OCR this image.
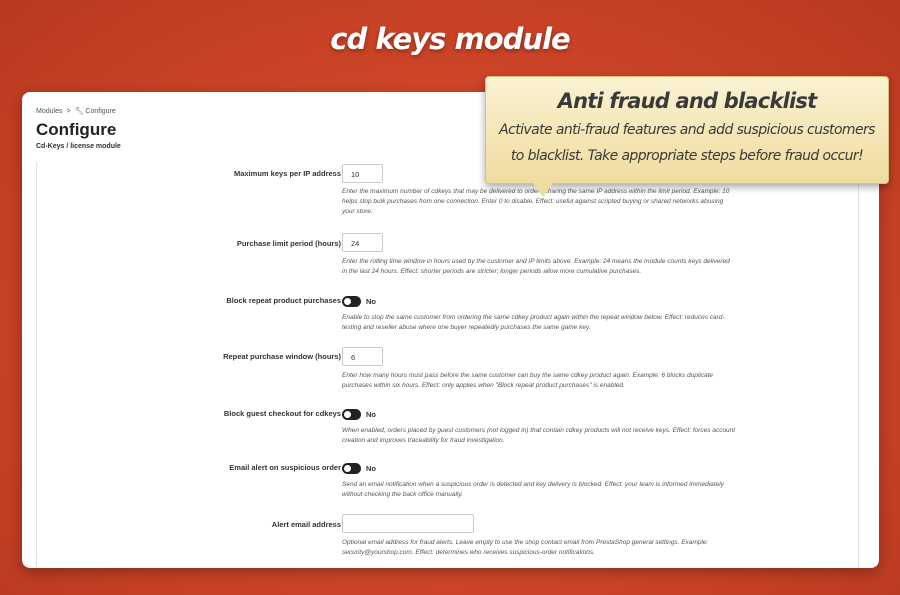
cd keys module
Modules > 🔧︎ Configure
Configure
Cd-Keys / license module
Maximum keys per IP address	10
Enter the maximum number of cdkeys that may be delivered to orders sharing the same IP address within the limit period. Example: 10
helps stop bulk purchases from one connection. Enter 0 to disable. Effect: useful against scripted buying or shared networks abusing
your store.
Purchase limit period (hours)	24
Enter the rolling time window in hours used by the customer and IP limits above. Example: 24 means the module counts keys delivered
in the last 24 hours. Effect: shorter periods are stricter; longer periods allow more cumulative purchases.
Block repeat product purchases	No
Enable to stop the same customer from ordering the same cdkey product again within the repeat window below. Effect: reduces card-
testing and reseller abuse where one buyer repeatedly purchases the same game key.
Repeat purchase window (hours)	6
Enter how many hours must pass before the same customer can buy the same cdkey product again. Example: 6 blocks duplicate
purchases within six hours. Effect: only applies when "Block repeat product purchases" is enabled.
Block guest checkout for cdkeys	No
When enabled, orders placed by guest customers (not logged in) that contain cdkey products will not receive keys. Effect: forces account
creation and improves traceability for fraud investigation.
Email alert on suspicious order	No
Send an email notification when a suspicious order is detected and key delivery is blocked. Effect: your team is informed immediately
without checking the back office manually.
Alert email address
Optional email address for fraud alerts. Leave empty to use the shop contact email from PrestaShop general settings. Example:
security@yourshop.com. Effect: determines who receives suspicious-order notifications.
Anti fraud and blacklist
Activate anti-fraud features and add suspicious customers
to blacklist. Take appropriate steps before fraud occur!
